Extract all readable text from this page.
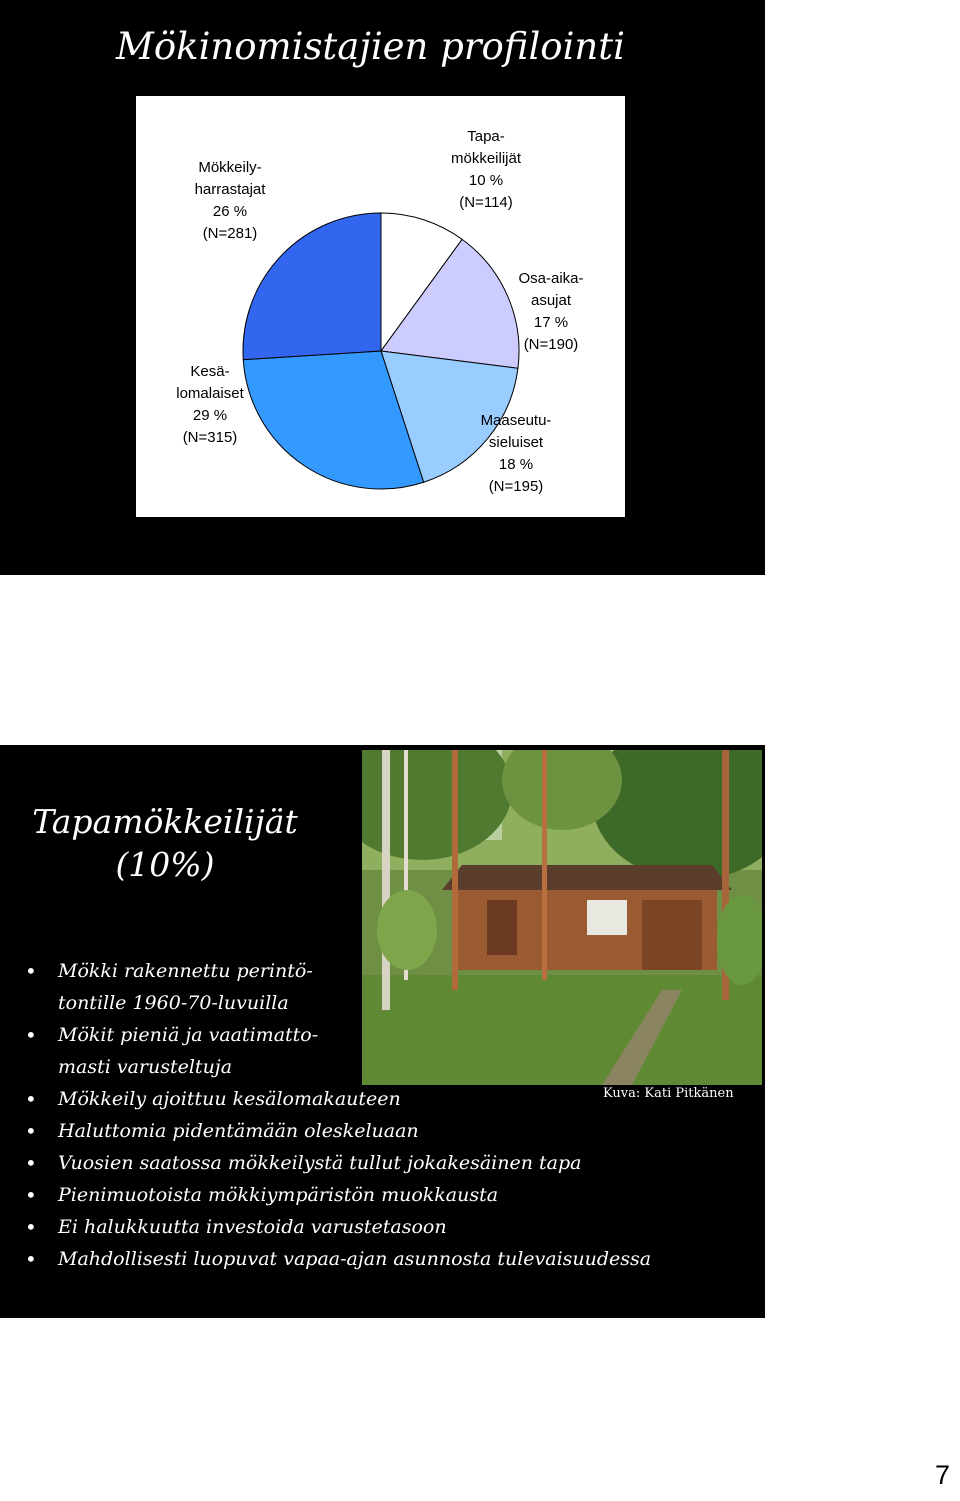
Mökinomistajien profilointi
Tapa-
mökkeilijät
10 %
(N=114)
Osa-aika-
asujat
17 %
(N=190)
Maaseutu-
sieluiset
18 %
(N=195)
Kesä-
lomalaiset
29 %
(N=315)
Mökkeily-
harrastajat
26 %
(N=281)
Tapamökkeilijät
(10%)
Kuva: Kati Pitkänen
• Mökki rakennettu perintö-
tontille 1960-70-luvuilla
• Mökit pieniä ja vaatimatto-
masti varusteltuja
• Mökkeily ajoittuu kesälomakauteen
• Haluttomia pidentämään oleskeluaan
• Vuosien saatossa mökkeilystä tullut jokakesäinen tapa
• Pienimuotoista mökkiympäristön muokkausta
• Ei halukkuutta investoida varustetasoon
• Mahdollisesti luopuvat vapaa-ajan asunnosta tulevaisuudessa
7
